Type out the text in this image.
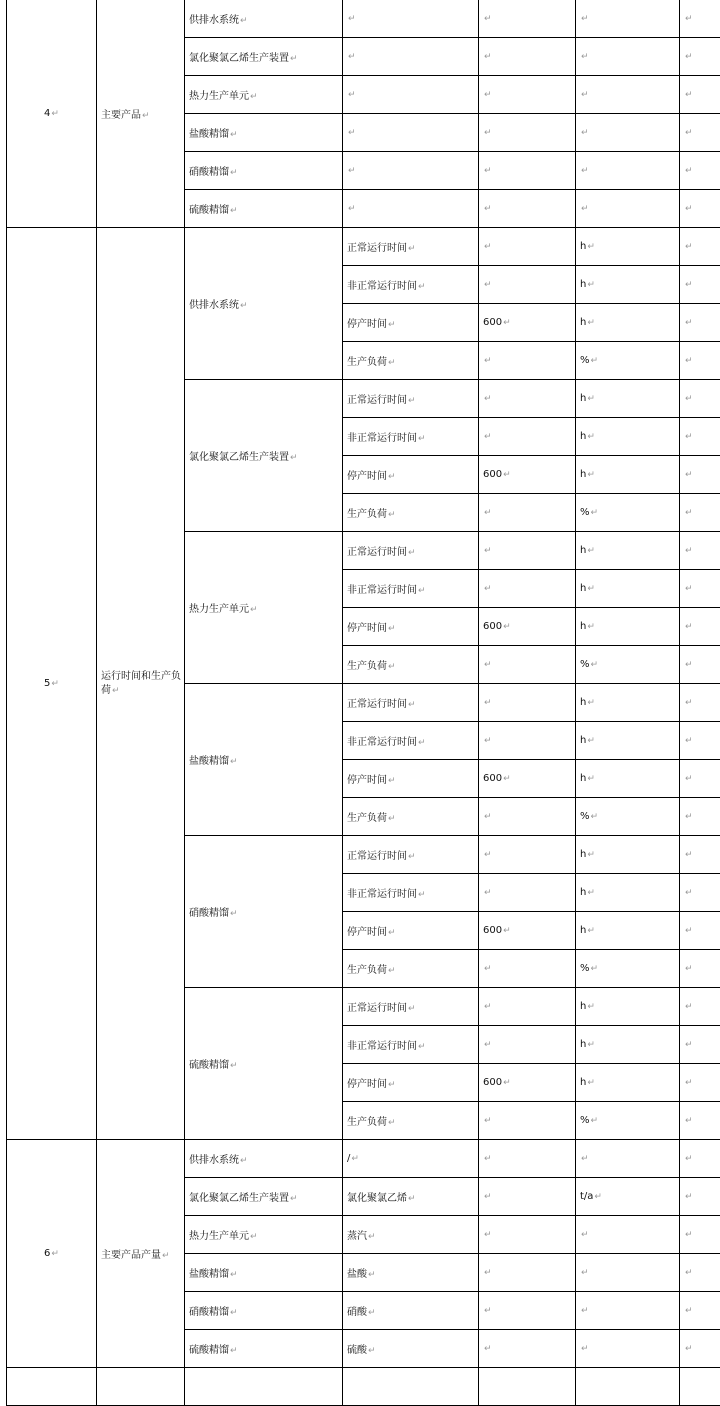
4↵	主要产品↵	供排水系统↵	↵	↵	↵	↵
		氯化聚氯乙烯生产装置↵	↵	↵	↵	↵
		热力生产单元↵	↵	↵	↵	↵
		盐酸精馏↵	↵	↵	↵	↵
		硝酸精馏↵	↵	↵	↵	↵
		硫酸精馏↵	↵	↵	↵	↵
5↵	运行时间和生产负荷↵	供排水系统↵	正常运行时间↵	↵	h↵	↵
			非正常运行时间↵	↵	h↵	↵
			停产时间↵	600↵	h↵	↵
			生产负荷↵	↵	%↵	↵
		氯化聚氯乙烯生产装置↵	正常运行时间↵	↵	h↵	↵
			非正常运行时间↵	↵	h↵	↵
			停产时间↵	600↵	h↵	↵
			生产负荷↵	↵	%↵	↵
		热力生产单元↵	正常运行时间↵	↵	h↵	↵
			非正常运行时间↵	↵	h↵	↵
			停产时间↵	600↵	h↵	↵
			生产负荷↵	↵	%↵	↵
		盐酸精馏↵	正常运行时间↵	↵	h↵	↵
			非正常运行时间↵	↵	h↵	↵
			停产时间↵	600↵	h↵	↵
			生产负荷↵	↵	%↵	↵
		硝酸精馏↵	正常运行时间↵	↵	h↵	↵
			非正常运行时间↵	↵	h↵	↵
			停产时间↵	600↵	h↵	↵
			生产负荷↵	↵	%↵	↵
		硫酸精馏↵	正常运行时间↵	↵	h↵	↵
			非正常运行时间↵	↵	h↵	↵
			停产时间↵	600↵	h↵	↵
			生产负荷↵	↵	%↵	↵
6↵	主要产品产量↵	供排水系统↵	/↵	↵	↵	↵
		氯化聚氯乙烯生产装置↵	氯化聚氯乙烯↵	↵	t/a↵	↵
		热力生产单元↵	蒸汽↵	↵	↵	↵
		盐酸精馏↵	盐酸↵	↵	↵	↵
		硝酸精馏↵	硝酸↵	↵	↵	↵
		硫酸精馏↵	硫酸↵	↵	↵	↵
